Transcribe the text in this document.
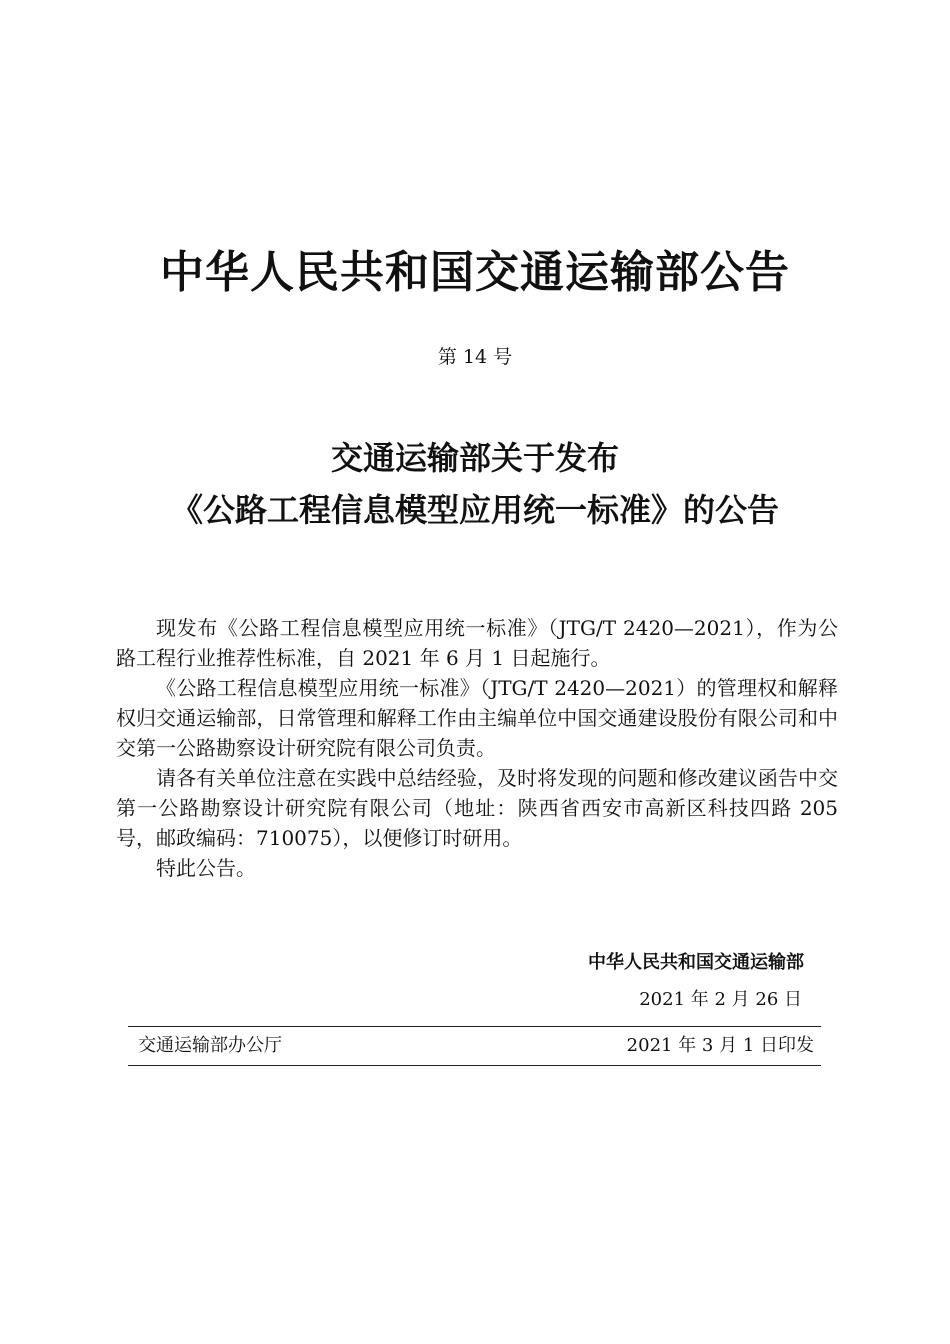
中华人民共和国交通运输部公告
第 14 号
交通运输部关于发布
《公路工程信息模型应用统一标准》的公告

现发布《公路工程信息模型应用统一标准》（JTG/T 2420—2021），作为公路工程行业推荐性标准，自 2021 年 6 月 1 日起施行。

《公路工程信息模型应用统一标准》（JTG/T 2420—2021）的管理权和解释权归交通运输部，日常管理和解释工作由主编单位中国交通建设股份有限公司和中交第一公路勘察设计研究院有限公司负责。

请各有关单位注意在实践中总结经验，及时将发现的问题和修改建议函告中交第一公路勘察设计研究院有限公司（地址：陕西省西安市高新区科技四路 205 号，邮政编码：710075），以便修订时研用。

特此公告。

中华人民共和国交通运输部
2021 年 2 月 26 日
交通运输部办公厅	2021 年 3 月 1 日印发
